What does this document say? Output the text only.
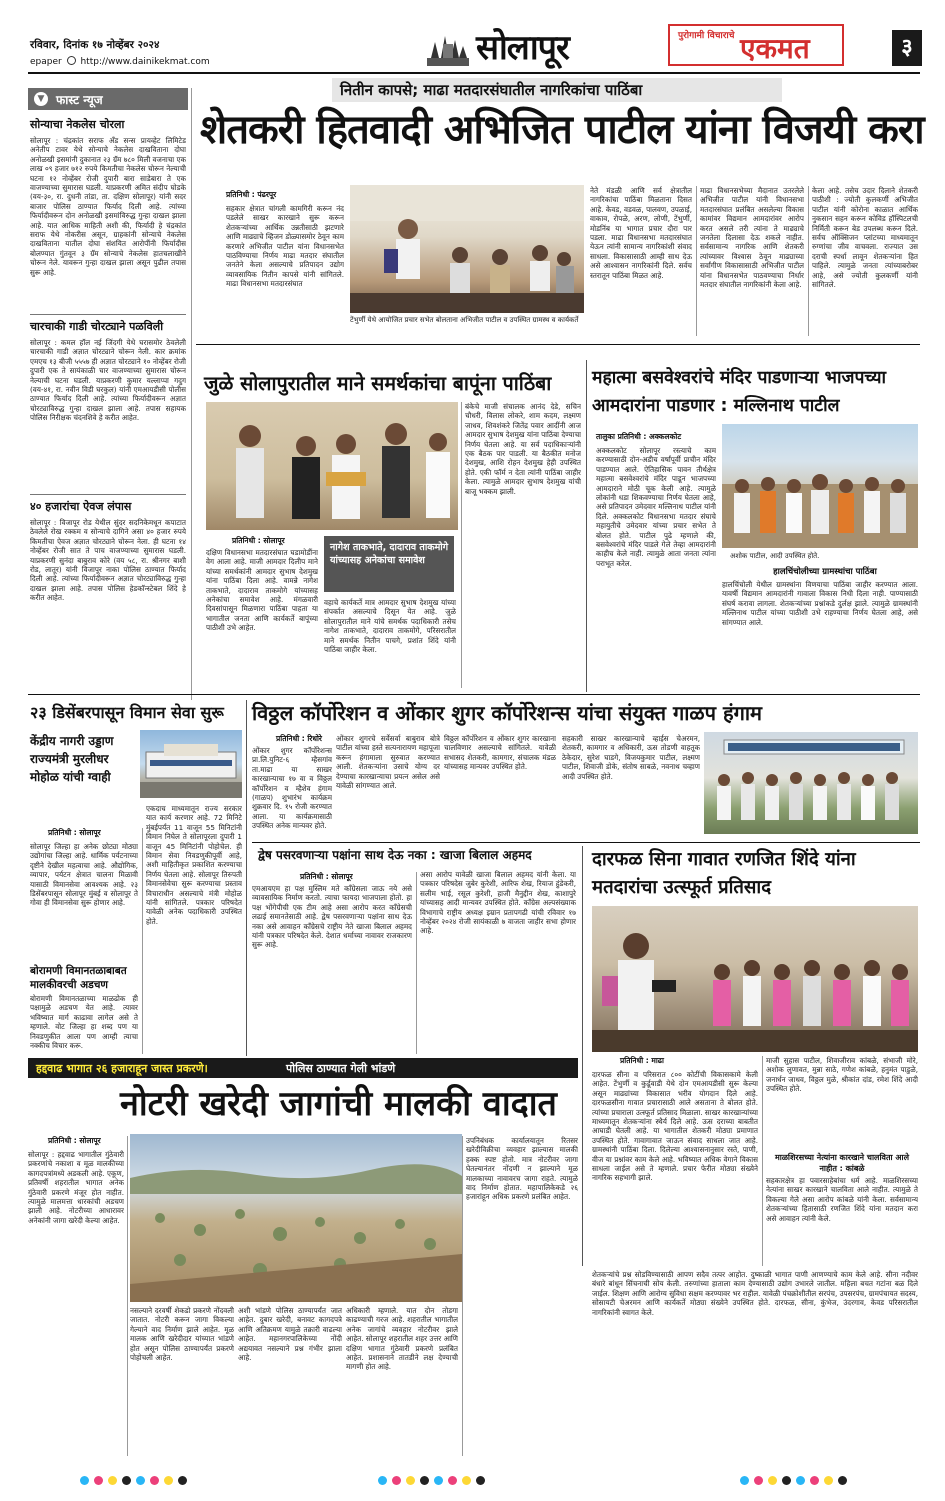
रविवार, दिनांक १७ नोव्हेंबर २०२४
epaper http://www.dainikekmat.com	सोलापूर	पुरोगामी विचाराचे एकमत	३
▼ फास्ट न्यूज
सोन्याचा नेकलेस चोरला
सोलापूर : चंद्रकांत सराफ अँड सन्स प्रायव्हेट लिमिटेड अनेतीप टावर येथे सोन्याचे नेकलेस दाखविताना दोघा अनोळखी इसमांनी दुकानात २३ ग्रॅम ७८० मिली वजनाचा एक लाख ०९ हजार ७१२ रुपये किमतीचा नेकलेस चोरून नेल्याची घटना १२ नोव्हेंबर रोजी दुपारी बारा साडेबारा ते एक वाजण्याच्या सुमारास घडली. याप्रकरणी अमित संदीप घोडके (वय-३०, रा. दुधनी तांडा, ता. दक्षिण सोलापूर) यांनी सदर बाजार पोलिस ठाण्यात फिर्याद दिली आहे. त्यांच्या फिर्यादीवरून दोन अनोळखी इसमांविरुद्ध गुन्हा दाखल झाला आहे. यात आधिक माहिती अशी की, फिर्यादी हे चंद्रकांत सराफ येथे नोकरीस असून, ग्राहकांनी सोन्याचे नेकलेस दाखविताना यातील दोघा संशयित आरोपींनी फिर्यादीस बोलण्यात गुंतवून ३ ग्रॅम सोन्याचे नेकलेस हातचलाखीने चोरून नेले. यावरून गुन्हा दाखल झाला असून पुढील तपास सुरू आहे.
चारचाकी गाडी चोरट्याने पळविली
सोलापूर : कमल हॉल नई जिंदगी येथे घरासमोर ठेवलेली चारचाकी गाडी अज्ञात चोरट्याने चोरून नेली. कार क्रमांक एमएच १३ बीजी ५५५७ ही अज्ञात चोरट्याने १० नोव्हेंबर रोजी दुपारी एक ते सायंकाळी चार वाजण्याच्या सुमारास चोरून नेल्याची घटना घडली. याप्रकरणी कुमार यल्लाप्पा गदुग (वय-४१, रा. नवीन विडी घरकुल) यांनी एमआयडीसी पोलीस ठाण्यात फिर्याद दिली आहे. त्यांच्या फिर्यादीवरून अज्ञात चोरट्याविरुद्ध गुन्हा दाखल झाला आहे. तपास सहायक पोलिस निरीक्षक चंदनशिवे हे करीत आहेत.
४० हजारांचा ऐवज लंपास
सोलापूर : विजापूर रोड येथील सुंदर सदनिकेमधून कपाटात ठेवलेले रोख रक्कम व सोन्याचे दागिने असा ४० हजार रुपये किमतीचा ऐवज अज्ञात चोरट्याने चोरून नेला. ही घटना १४ नोव्हेंबर रोजी सात ते पाच वाजण्याच्या सुमारास घडली. याप्रकरणी सुनंदा बाबुराव कोरे (वय ५८, रा. श्रीनगर बाशी रोड, लातूर) यांनी विजापूर नाका पोलिस ठाण्यात फिर्याद दिली आहे. त्यांच्या फिर्यादीवरून अज्ञात चोरट्याविरुद्ध गुन्हा दाखल झाला आहे. तपास पोलिस हेडकॉन्स्टेबल शिंदे हे करीत आहेत.
नितीन कापसे; माढा मतदारसंघातील नागरिकांचा पाठिंबा
शेतकरी हितवादी अभिजित पाटील यांना विजयी करा
प्रतिनिधी : पंढरपूर
सहकार क्षेत्रात चांगली कामगिरी करून नंद पडलेले साखर कारखाने सुरू करून शेतकऱ्यांच्या आर्थिक उन्नतीसाठी झटणारे आणि माढ्याचे व्हिजन डोळ्यासमोर ठेवून काम करणारे अभिजीत पाटील यांना विधानसभेत पाठविण्याचा निर्णय माढा मतदार संघातील जनतेने केला असल्याचे प्रतिपादन उद्योग व्यावसायिक नितीन कापसे यांनी सांगितले. माढा विधानसभा मतदारसंघात
टेंभुर्णी येथे आयोजित प्रचार सभेत बोलताना अभिजीत पाटील व उपस्थित ग्रामस्थ व कार्यकर्ते
नेते मंडळी आणि सर्व क्षेत्रातील नागरिकांचा पाठिंबा मिळताना दिसत आहे. केवड, वडवळ, पालवण, उपळाई, वाकाव, रोपळे, अरण, लोणी, टेंभुर्णी, मोडनिंब या भागात प्रचार दौरा पार पडला. माढा विधानसभा मतदारसंघात येऊन त्यांनी सामान्य नागरिकांशी संवाद साधला. विकासासाठी आम्ही साथ देऊ असे आश्वासन नागरिकांनी दिले. सर्वच स्तरातून पाठिंबा मिळत आहे.
माढा विधानसभेच्या मैदानात उतरलेले अभिजीत पाटील यांनी विधानसभा मतदारसंघात प्रलंबित असलेल्या विकास कामांवर विद्यमान आमदारांवर आरोप करत असले तरी त्यांना ते माढ्याचे जनतेला दिलासा देऊ शकले नाहीत. सर्वसामान्य नागरिक आणि शेतकरी त्यांच्यावर विश्वास ठेवून माढ्याच्या सर्वांगीण विकासासाठी अभिजीत पाटील यांना विधानसभेत पाठवण्याचा निर्धार मतदार संघातील नागरिकांनी केला आहे.
केला आहे. तसेच उदार दिलाने शेतकरी पाठीशी : ज्योती कुलकर्णी अभिजीत पाटील यांनी कोरोना काळात आर्थिक नुकसान सहन करून कोविड हॉस्पिटलची निर्मिती करून बेड उपलब्ध करून दिले. सर्वच ऑक्सिजन प्लांटच्या माध्यमातून रुग्णांचा जीव वाचवला. राज्यात उस दराची स्पर्धा लावून शेतकऱ्यांना हित पाहिले. त्यामुळे जनता त्यांच्याबरोबर आहे, असे ज्योती कुलकर्णी यांनी सांगितले.
जुळे सोलापुरातील माने समर्थकांचा बापूंना पाठिंबा
प्रतिनिधी : सोलापूर
दक्षिण विधानसभा मतदारसंघात घडामोडींना वेग आला आहे. माजी आमदार दिलीप माने यांच्या समर्थकांनी आमदार सुभाष देशमुख यांना पाठिंबा दिला आहे. वामन्ने नागेश ताकभाते, दादाराव ताकमोगे यांच्यासह अनेकांचा समावेश आहे. मंगळवारी दिवसांपासून मिळणारा पाठिंबा पाहता या भागातील जनता आणि कार्यकर्ते बापूंच्या पाठीशी उभे आहेत.
नागेश ताकभाते, दादाराव ताकमोगे यांच्यासह अनेकांचा समावेश
वहाचे कार्यकर्ते मात्र आमदार सुभाष देशमुख यांच्या संपर्कात असल्याचे दिसून येत आहे. जुळे सोलापुरातील माने यांचे समर्थक पदाधिकारी तसेच नागेश ताकभाते, दादाराव ताकमोगे, परिसरातील माने समर्थक नितीन पाचगे, प्रशांत शिंदे यांनी पाठिंबा जाहीर केला.
बंकेचे माजी संचालक आनंद देडे, सचिन चौधरी, विलास लोकरे, शाम कदम, लक्ष्मण जाधव, शिवशंकरे जितेंद्र पवार आदींनी आज आमदार सुभाष देशमुख यांना पाठिंबा देण्याचा निर्णय घेतला आहे. या सर्व पदाधिकाऱ्यांनी एक बैठक पार पाडली. या बैठकीत मनोज देशमुख, आशि रोहन देशमुख हेही उपस्थित होते. एकी फॉर्म न देता त्यांनी पाठिंबा जाहीर केला. त्यामुळे आमदार सुभाष देशमुख यांची बाजू भक्कम झाली.
महात्मा बसवेश्वरांचे मंदिर पाडणाऱ्या भाजपच्या आमदारांना पाडणार : मल्लिनाथ पाटील
तालुका प्रतिनिधी : अक्कलकोट
अक्कलकोट सोलापूर रस्त्याचे काम करण्यासाठी दोन-अडीच वर्षांपूर्वी प्राचीन मंदिर पाडण्यात आले. ऐतिहासिक पावन तीर्थक्षेत्र महात्मा बसवेश्वरांचे मंदिर पाडून भाजपच्या आमदाराने मोठी चूक केली आहे. त्यामुळे लोकांनी धडा शिकवण्याचा निर्णय घेतला आहे, असे प्रतिपादन उमेदवार मल्लिनाथ पाटील यांनी दिले. अक्कलकोट विधानसभा मतदार संघाचे महायुतीचे उमेदवार यांच्या प्रचार सभेत ते बोलत होते. पाटील पुढे म्हणाले की, बसवेश्वरांचे मंदिर पाडले गेले तेव्हा आमदारांनी काहीच केले नाही. त्यामुळे आता जनता त्यांना पराभूत करेल.
अशोक पाटील, आदी उपस्थित होते.
हालचिंचोलीच्या ग्रामस्थांचा पाठिंबा
हालचिंचोली येथील ग्रामस्थांना विणयाचा पाठिंबा जाहीर करण्यात आला. यावर्षी विद्यमान आमदारांनी गावाला विकास निधी दिला नाही. पाण्यासाठी संघर्ष करावा लागला. शेतकऱ्यांच्या प्रश्नांकडे दुर्लक्ष झाले. त्यामुळे ग्रामस्थांनी मल्लिनाथ पाटील यांच्या पाठीशी उभे राहण्याचा निर्णय घेतला आहे, असे सांगण्यात आले.
२३ डिसेंबरपासून विमान सेवा सुरू
केंद्रीय नागरी उड्डाण राज्यमंत्री मुरलीधर मोहोळ यांची ग्वाही
प्रतिनिधी : सोलापूर
सोलापूर जिल्हा हा अनेक छोट्या मोठ्या उद्योगांचा जिल्हा आहे. धार्मिक पर्यटनाच्या दृष्टीने देखील महत्वाचा आहे. औद्योगिक, व्यापार, पर्यटन क्षेत्रात चालना मिळावी यासाठी विमानसेवा आवश्यक आहे. २३ डिसेंबरपासून सोलापूर मुंबई व सोलापूर ते गोवा ही विमानसेवा सुरू होणार आहे.
बोरामणी विमानतळाबाबत मालकीवरची अडचण
बोरामणी विमानतळाच्या माळढोक ही पक्षामुळे अडचण येत आहे. त्यावर भविष्यात मार्ग काढावा लागेल असे ते म्हणाले. वोट जिल्हा हा शब्द पण या निवडणुकीत आला पण आम्ही त्याचा नक्कीच विचार करू.
एकदाच माध्यमातून राज्य सरकार यात कार्य करणार आहे. 72 मिनिटे मुंबईपर्यंत 11 वाजून 55 मिनिटांनी विमान निघेल ते सोलापूरला दुपारी 1 वाजून 45 मिनिटांनी पोहोचेल. ही विमान सेवा निवडणुकीपूर्वी आहे, अशी माहितीकृत प्रकाशित करण्याचा निर्णय घेतला आहे. सोलापूर तिरुपती विमानसेवेचा सुरू करण्याचा प्रस्ताव विचाराधीन असल्याचे मंत्री मोहोळ यांनी सांगितले. पत्रकार परिषदेत यावेळी अनेक पदाधिकारी उपस्थित होते.
विठ्ठल कॉर्पोरेशन व ओंकार शुगर कॉर्पोरेशन्स यांचा संयुक्त गाळप हंगाम
प्रतिनिधी : रिधोरे
ओंकार शुगर कॉर्पोरेशन्स प्रा.लि.युनिट-६ म्हैसगांव ता.माढा या साखर कारखान्याचा १७ वा व विठ्ठल कॉर्पोरेशन व म्हैशेव हंगाम (गाळप) शुभारंभ कार्यक्रम शुक्रवार दि. १५ रोजी करण्यात आला. या कार्यक्रमासाठी उपस्थित अनेक मान्यवर होते.
ओंकार शुगरचे सर्वेसर्वा बाबुराव बोत्रे पाटील यांच्या हस्ते सत्यनारायण महापूजा करून हंगामाला सुरुवात करण्यात आली. शेतकऱ्यांना उसाचे योग्य दर देण्याचा कारखान्याचा प्रयत्न असेल असे यावेळी सांगण्यात आले.
विठ्ठल कॉर्पोरेशन व ओंकार शुगर कारखाना चालविणार असल्याचे सांगितले. यावेळी सभासद शेतकरी, कामगार, संचालक मंडळ यांच्यासह मान्यवर उपस्थित होते.
सहकारी साखर कारखान्याचे व्हाईस चेअरमन, शेतकरी, कामगार व अधिकारी, ऊस तोडणी वाहतूक ठेकेदार, सुरेश घाडगे, विजयकुमार पाटील, लक्ष्मण पाटील, शिवाजी डोके, संतोष साबळे, नवनाथ चव्हाण आदी उपस्थित होते.
द्वेष पसरवणाऱ्या पक्षांना साथ देऊ नका : खाजा बिलाल अहमद
प्रतिनिधी : सोलापूर
एमआयएम हा पक्ष मुस्लिम मते काँग्रेसला जाऊ नये असे व्यावसायिक निर्माण करतो. त्याचा फायदा भाजपाला होतो. हा पक्ष भोंगेपीची एक टीम आहे असा आरोप करत काँग्रेसची लढाई समानतेसाठी आहे. द्वेष पसरवणाऱ्या पक्षांना साथ देऊ नका असे आवाहन काँग्रेसचे राष्ट्रीय नेते खाजा बिलाल अहमद यांनी पत्रकार परिषदेत केले. देशात धर्माच्या नावावर राजकारण सुरू आहे.
असा आरोप यावेळी खाजा बिलाल अहमद यांनी केला. या पत्रकार परिषदेस जुबेर कुरेशी, आरिफ शेख, रियाज हुंडेकरी, सलीम भाई, रसूल कुरेशी, हाजी मैनुद्दीन शेख, काशापुरे यांच्यासह आदी मान्यवर उपस्थित होते. काँग्रेस अल्पसंख्याक विभागाचे राष्ट्रीय अध्यक्ष इम्रान प्रतापगढी यांची रविवार १७ नोव्हेंबर २०२४ रोजी सायंकाळी ७ वाजता जाहीर सभा होणार आहे.
दारफळ सिना गावात रणजित शिंदे यांना मतदारांचा उत्स्फूर्त प्रतिसाद
प्रतिनिधी : माढा
दारफळ सीना व परिसरात ८०० कोटींची विकासकामे केली आहेत. टेंभुर्णी व कुर्डूवाडी येथे दोन एमआयडीसी सुरू केल्या असून माढ्यांच्या विकासात भरीव योगदान दिले आहे. दारफळसीना गावात प्रचारासाठी आले असताना ते बोलत होते. त्यांच्या प्रचाराला उत्स्फूर्त प्रतिसाद मिळाला. साखर कारखान्यांच्या माध्यमातून शेतकऱ्यांना स्थैर्य दिले आहे. ऊस दराच्या बाबतीत आघाडी घेतली आहे. या भागातील शेतकरी मोठ्या प्रमाणात उपस्थित होते. गावागावात जाऊन संवाद साधला जात आहे. ग्रामस्थांनी पाठिंबा दिला. दिलेल्या आश्वासनानुसार रस्ते, पाणी, वीज या प्रश्नांवर काम केले आहे. भविष्यात अधिक वेगाने विकास साधला जाईल असे ते म्हणाले. प्रचार फेरीत मोठ्या संख्येने नागरिक सहभागी झाले.
माजी सुहास पाटील, शिवाजीराव कांबळे, संभाजी मोरे, अशोक लुणावत, मुन्ना साठे, गणेश कांबळे, हनुमंत पाडुळे, जनार्धन जाधव, विठ्ठल मुळे, श्रीकांत दांड, रमेश शिंदे आदी उपस्थित होते.
माळशिरसच्या नेत्यांना कारखाने चालविता आले नाहीत : कांबळे
सहकारक्षेत्र हा पवारसाहेबांचा धर्म आहे. माळशिरसच्या नेत्यांना साखर कारखाने चालविता आले नाहीत. त्यामुळे ते विकल्या गेले असा आरोप कांबळे यांनी केला. सर्वसामान्य शेतकऱ्यांच्या हितासाठी रणजित शिंदे यांना मतदान करा असे आवाहन त्यांनी केले.
शेतकऱ्यांचे प्रश्न सोडविण्यासाठी आपण सदैव तत्पर आहोत. दुष्काळी भागात पाणी आणण्याचे काम केले आहे. सीना नदीवर बंधारे बांधून सिंचनाची सोय केली. तरुणांच्या हाताला काम देण्यासाठी उद्योग उभारले जातील. महिला बचत गटांना बळ दिले जाईल. शिक्षण आणि आरोग्य सुविधा सक्षम करण्यावर भर राहील. यावेळी पंचक्रोशीतील सरपंच, उपसरपंच, ग्रामपंचायत सदस्य, सोसायटी चेअरमन आणि कार्यकर्ते मोठ्या संख्येने उपस्थित होते. दारफळ, सीना, कुंभेज, उंदरगाव, केवड परिसरातील नागरिकांनी स्वागत केले.
हद्दवाढ भागात २६ हजाराहून जास्त प्रकरणे।	पोलिस ठाण्यात गेली भांडणे
नोटरी खरेदी जागांची मालकी वादात
प्रतिनिधी : सोलापूर
सोलापूर : हद्दवाढ भागातील गुंठेवारी प्रकरणांचे नकाशा व मूळ मालकीच्या कागदपत्रांमध्ये अडकली आहे. एकूण, प्रतिवर्षी शहरातील भागात अनेक गुंठेवारी प्रकरणे मंजूर होत नाहीत. त्यामुळे मालमत्ता धारकांची अडचण झाली आहे. नोटरीच्या आधारावर अनेकांनी जागा खरेदी केल्या आहेत.
नसल्याने दरवर्षी शेकडो प्रकरणे नोंदवली जातात. नोटरी करून जागा विकल्या गेल्याने वाद निर्माण झाले आहेत. मूळ मालक आणि खरेदीदार यांच्यात भांडणे होत असून पोलिस ठाण्यापर्यंत प्रकरणे पोहोचली आहेत.
अशी भांडणे पोलिस ठाण्यापर्यंत जात आहेत. दुबार खरेदी, बनावट कागदपत्रे आणि अतिक्रमण यामुळे तक्रारी वाढल्या आहेत. महानगरपालिकेच्या नोंदी अद्ययावत नसल्याने प्रश्न गंभीर झाला आहे.
अधिकारी म्हणाले. यात दोन तोडगा काढण्याची गरज आहे. शहरातील भागातील अनेक जागांचे व्यवहार नोटरीवर झाले आहेत. सोलापूर शहरातील शहर उत्तर आणि दक्षिण भागात गुंठेवारी प्रकरणे प्रलंबित आहेत. प्रशासनाने तातडीने लक्ष देण्याची मागणी होत आहे.
उपनिबंधक कार्यालयातून रितसर खरेदीविक्रीचा व्यवहार झाल्यास मालकी हक्क स्पष्ट होतो. मात्र नोटरीवर जागा घेतल्यानंतर नोंदणी न झाल्याने मूळ मालकाच्या नावावरच जागा राहते. त्यामुळे वाद निर्माण होतात. महापालिकेकडे २६ हजारांहून अधिक प्रकरणे प्रलंबित आहेत.
